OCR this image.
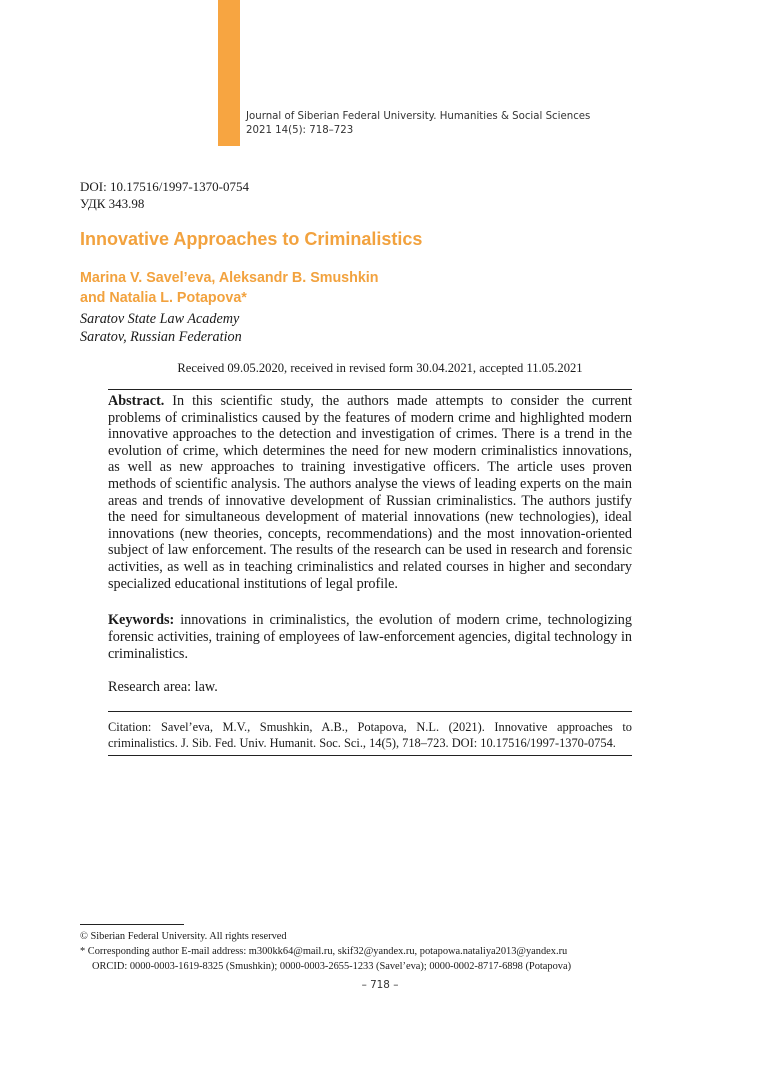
Journal of Siberian Federal University. Humanities & Social Sciences
2021 14(5): 718–723
DOI: 10.17516/1997-1370-0754
УДК 343.98
Innovative Approaches to Criminalistics
Marina V. Savel’eva, Aleksandr B. Smushkin
and Natalia L. Potapova*
Saratov State Law Academy
Saratov, Russian Federation
Received 09.05.2020, received in revised form 30.04.2021, accepted 11.05.2021
Abstract. In this scientific study, the authors made attempts to consider the current problems of criminalistics caused by the features of modern crime and highlighted modern innovative approaches to the detection and investigation of crimes. There is a trend in the evolution of crime, which determines the need for new modern criminalistics innovations, as well as new approaches to training investigative officers. The article uses proven methods of scientific analysis. The authors analyse the views of leading experts on the main areas and trends of innovative development of Russian criminalistics. The authors justify the need for simultaneous development of material innovations (new technologies), ideal innovations (new theories, concepts, recommendations) and the most innovation-oriented subject of law enforcement. The results of the research can be used in research and forensic activities, as well as in teaching criminalistics and related courses in higher and secondary specialized educational institutions of legal profile.
Keywords: innovations in criminalistics, the evolution of modern crime, technologizing forensic activities, training of employees of law-enforcement agencies, digital technology in criminalistics.
Research area: law.
Citation: Savel’eva, M.V., Smushkin, A.B., Potapova, N.L. (2021). Innovative approaches to criminalistics. J. Sib. Fed. Univ. Humanit. Soc. Sci., 14(5), 718–723. DOI: 10.17516/1997-1370-0754.
© Siberian Federal University. All rights reserved
* Corresponding author E-mail address: m300kk64@mail.ru, skif32@yandex.ru, potapowa.nataliya2013@yandex.ru
ORCID: 0000-0003-1619-8325 (Smushkin); 0000-0003-2655-1233 (Savel’eva); 0000-0002-8717-6898 (Potapova)
– 718 –
